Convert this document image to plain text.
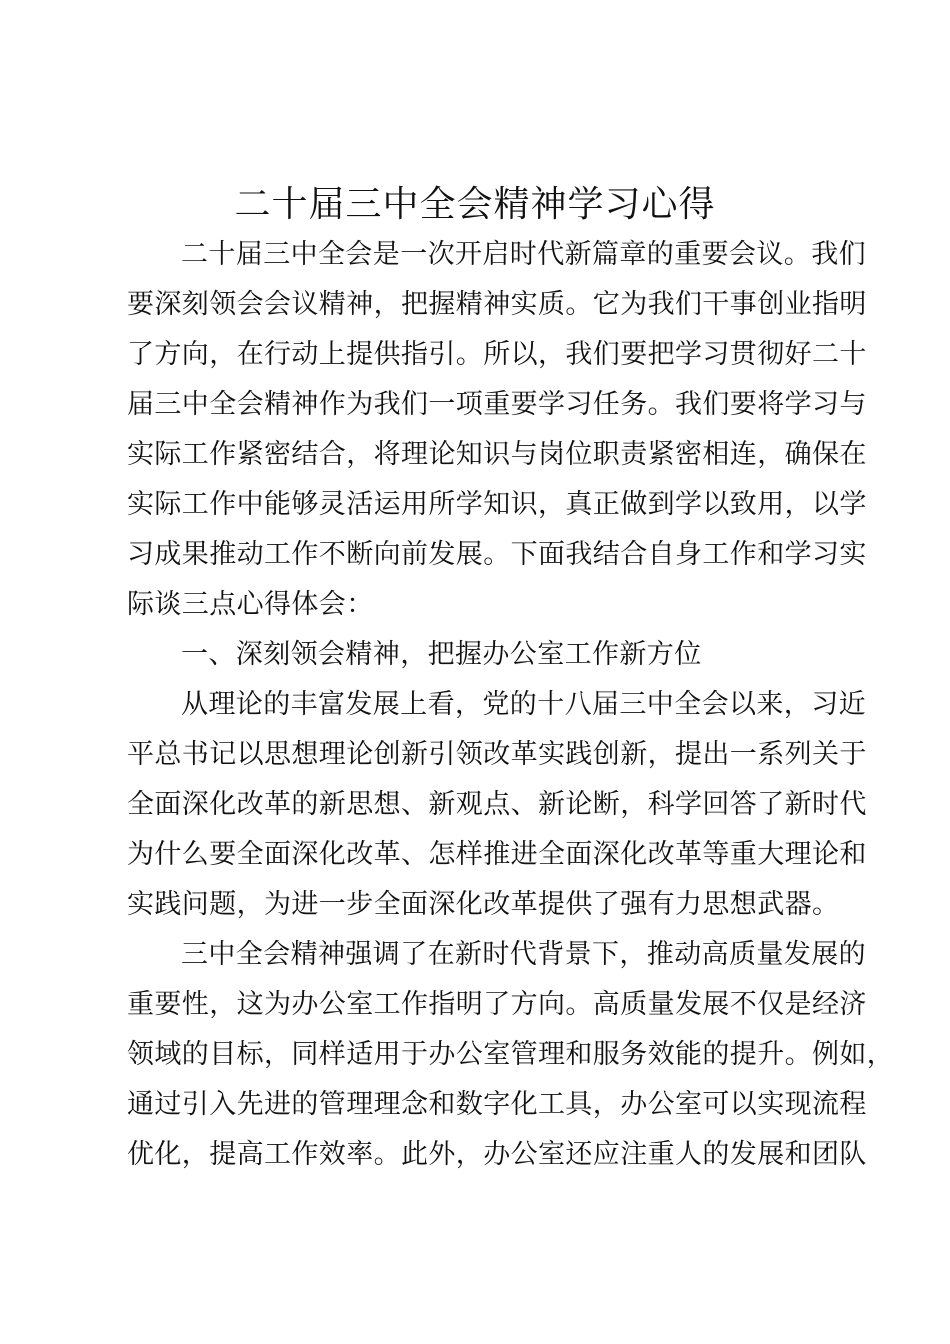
二十届三中全会精神学习心得
二十届三中全会是一次开启时代新篇章的重要会议。我们
要深刻领会会议精神，把握精神实质。它为我们干事创业指明
了方向，在行动上提供指引。所以，我们要把学习贯彻好二十
届三中全会精神作为我们一项重要学习任务。我们要将学习与
实际工作紧密结合，将理论知识与岗位职责紧密相连，确保在
实际工作中能够灵活运用所学知识，真正做到学以致用，以学
习成果推动工作不断向前发展。下面我结合自身工作和学习实
际谈三点心得体会：
一、深刻领会精神，把握办公室工作新方位
从理论的丰富发展上看，党的十八届三中全会以来，习近
平总书记以思想理论创新引领改革实践创新，提出一系列关于
全面深化改革的新思想、新观点、新论断，科学回答了新时代
为什么要全面深化改革、怎样推进全面深化改革等重大理论和
实践问题，为进一步全面深化改革提供了强有力思想武器。
三中全会精神强调了在新时代背景下，推动高质量发展的
重要性，这为办公室工作指明了方向。高质量发展不仅是经济
领域的目标，同样适用于办公室管理和服务效能的提升。例如，
通过引入先进的管理理念和数字化工具，办公室可以实现流程
优化，提高工作效率。此外，办公室还应注重人的发展和团队
